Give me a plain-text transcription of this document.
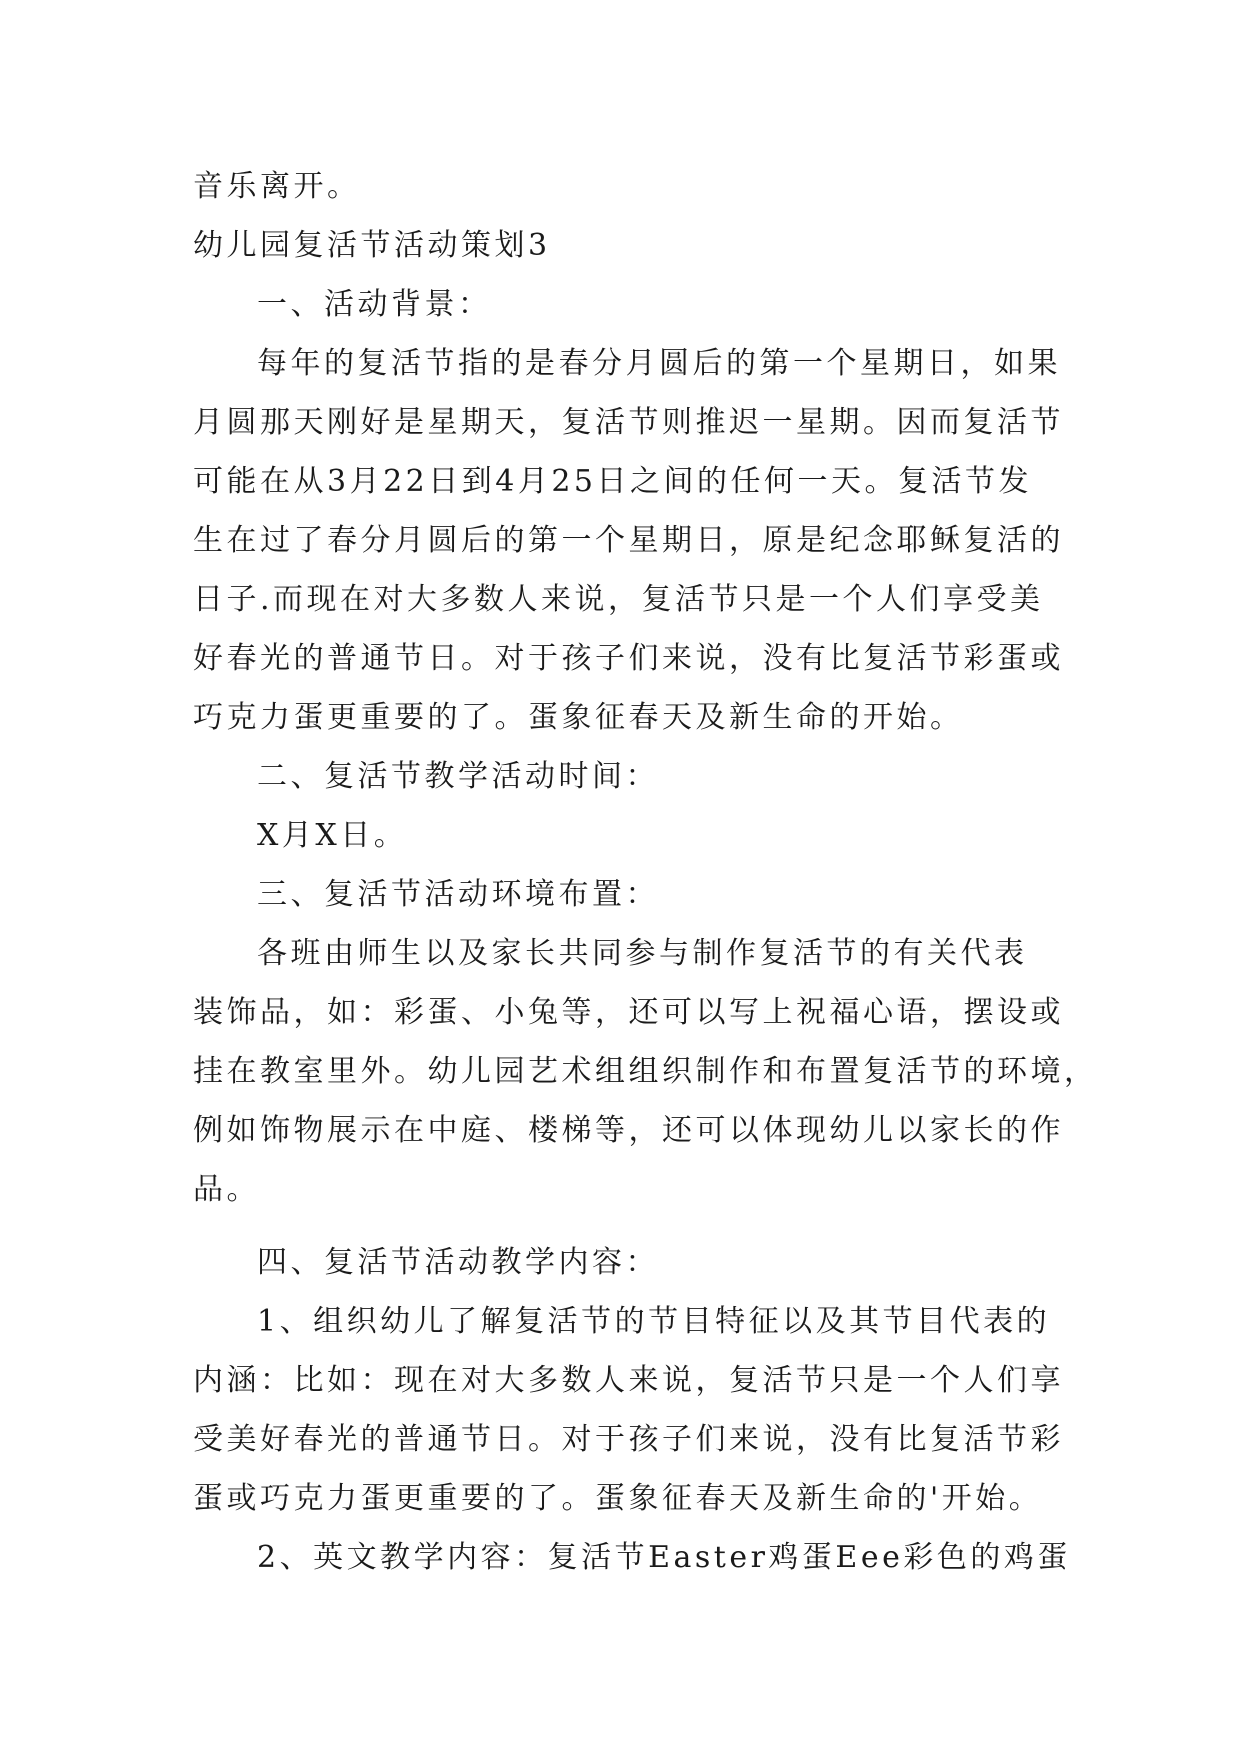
音乐离开。
幼儿园复活节活动策划3
一、活动背景：
每年的复活节指的是春分月圆后的第一个星期日，如果
月圆那天刚好是星期天，复活节则推迟一星期。因而复活节
可能在从3月22日到4月25日之间的任何一天。复活节发
生在过了春分月圆后的第一个星期日，原是纪念耶稣复活的
日子.而现在对大多数人来说，复活节只是一个人们享受美
好春光的普通节日。对于孩子们来说，没有比复活节彩蛋或
巧克力蛋更重要的了。蛋象征春天及新生命的开始。
二、复活节教学活动时间：
X月X日。
三、复活节活动环境布置：
各班由师生以及家长共同参与制作复活节的有关代表
装饰品，如：彩蛋、小兔等，还可以写上祝福心语，摆设或
挂在教室里外。幼儿园艺术组组织制作和布置复活节的环境，
例如饰物展示在中庭、楼梯等，还可以体现幼儿以家长的作
品。
四、复活节活动教学内容：
1、组织幼儿了解复活节的节目特征以及其节目代表的
内涵：比如：现在对大多数人来说，复活节只是一个人们享
受美好春光的普通节日。对于孩子们来说，没有比复活节彩
蛋或巧克力蛋更重要的了。蛋象征春天及新生命的'开始。
2、英文教学内容：复活节Easter鸡蛋Eee彩色的鸡蛋
